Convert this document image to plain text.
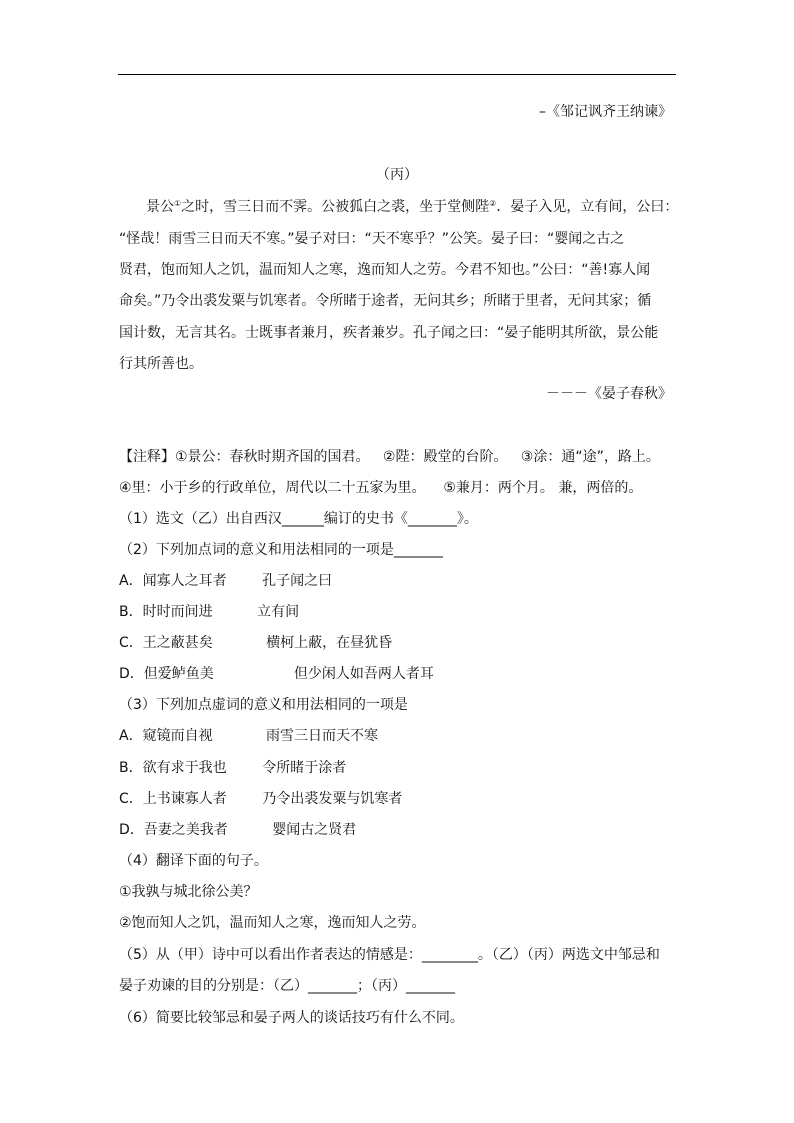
–《邹记讽齐王纳谏》
（丙）
景公①之时，雪三日而不霁。公被狐白之裘，坐于堂侧陛②．晏子入见，立有间，公曰：
“怪哉！雨雪三日而天不寒。”晏子对曰：“天不寒乎？”公笑。晏子曰：“婴闻之古之
贤君，饱而知人之饥，温而知人之寒，逸而知人之劳。今君不知也。”公曰：“善!寡人闻
命矣。”乃令出裘发粟与饥寒者。令所睹于途者，无问其乡；所睹于里者，无问其家；循
国计数，无言其名。士既事者兼月，疾者兼岁。孔子闻之曰：“晏子能明其所欲，景公能
行其所善也。
－－－《晏子春秋》
【注释】①景公：春秋时期齐国的国君。   ②陛：殿堂的台阶。   ③涂：通“途”，路上。
④里：小于乡的行政单位，周代以二十五家为里。    ⑤兼月：两个月。 兼，两倍的。
（1）选文（乙）出自西汉______编订的史书《_______》。
（2）下列加点词的意义和用法相同的一项是_______
A．闻寡人之耳者        孔子闻之曰
B．时时而间进          立有间
C．王之蔽甚矣            横柯上蔽，在昼犹昏
D．但爱鲈鱼美                  但少闲人如吾两人者耳
（3）下列加点虚词的意义和用法相同的一项是
A．窥镜而自视            雨雪三日而天不寒
B．欲有求于我也        令所睹于涂者
C．上书谏寡人者        乃令出裘发粟与饥寒者
D．吾妻之美我者          婴闻古之贤君
（4）翻译下面的句子。
①我孰与城北徐公美？
②饱而知人之饥，温而知人之寒，逸而知人之劳。
（5）从（甲）诗中可以看出作者表达的情感是：________。（乙）（丙）两选文中邹忌和
晏子劝谏的目的分别是：（乙）_______；（丙）_______
（6）简要比较邹忌和晏子两人的谈话技巧有什么不同。
